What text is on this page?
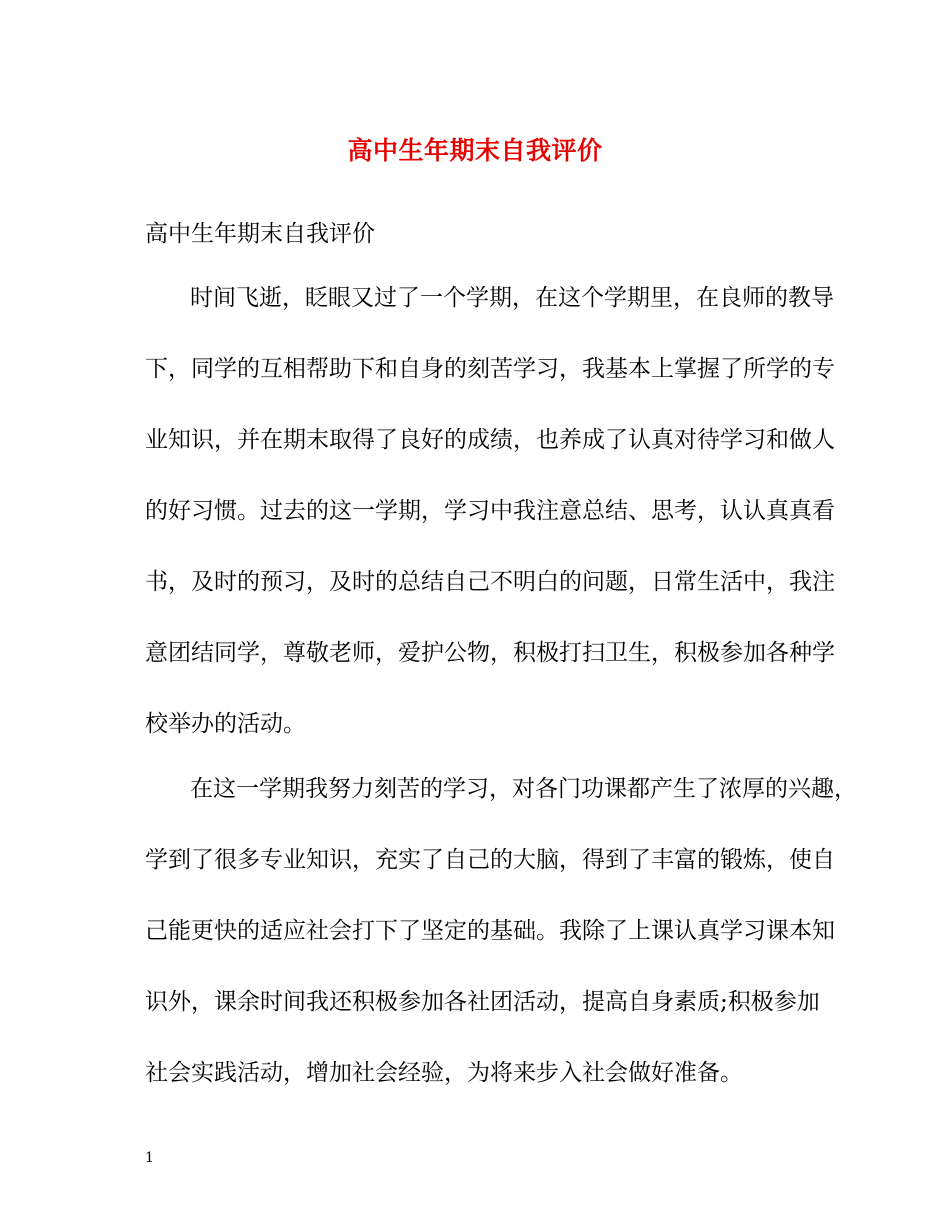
高中生年期末自我评价
高中生年期末自我评价
时间飞逝，眨眼又过了一个学期，在这个学期里，在良师的教导
下，同学的互相帮助下和自身的刻苦学习，我基本上掌握了所学的专
业知识，并在期末取得了良好的成绩，也养成了认真对待学习和做人
的好习惯。过去的这一学期，学习中我注意总结、思考，认认真真看
书，及时的预习，及时的总结自己不明白的问题，日常生活中，我注
意团结同学，尊敬老师，爱护公物，积极打扫卫生，积极参加各种学
校举办的活动。
在这一学期我努力刻苦的学习，对各门功课都产生了浓厚的兴趣，
学到了很多专业知识，充实了自己的大脑，得到了丰富的锻炼，使自
己能更快的适应社会打下了坚定的基础。我除了上课认真学习课本知
识外，课余时间我还积极参加各社团活动，提高自身素质;积极参加
社会实践活动，增加社会经验，为将来步入社会做好准备。
1
